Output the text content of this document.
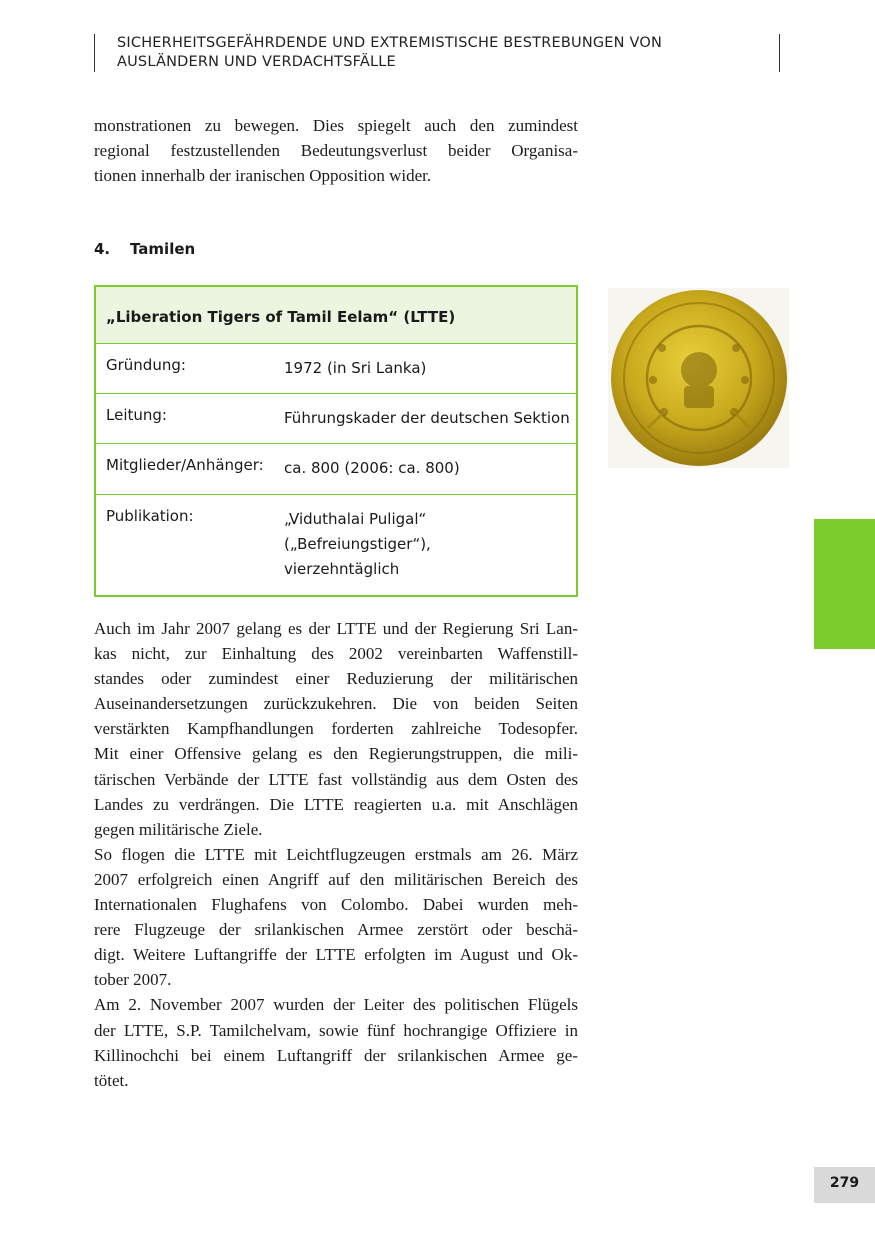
SICHERHEITSGEFÄHRDENDE UND EXTREMISTISCHE BESTREBUNGEN VON
AUSLÄNDERN UND VERDACHTSFÄLLE

monstrationen zu bewegen. Dies spiegelt auch den zumindest

regional festzustellenden Bedeutungsverlust beider Organisa-

tionen innerhalb der iranischen Opposition wider.

4. Tamilen
„Liberation Tigers of Tamil Eelam“ (LTTE)
Gründung:	1972 (in Sri Lanka)
Leitung:	Führungskader der deutschen Sektion
Mitglieder/Anhänger: ca. 800 (2006: ca. 800)
Publikation:	„Viduthalai Puligal“
(„Befreiungstiger“),
vierzehntäglich

Auch im Jahr 2007 gelang es der LTTE und der Regierung Sri Lan-

kas nicht, zur Einhaltung des 2002 vereinbarten Waffenstill-

standes oder zumindest einer Reduzierung der militärischen

Auseinandersetzungen zurückzukehren. Die von beiden Seiten

verstärkten Kampfhandlungen forderten zahlreiche Todesopfer.

Mit einer Offensive gelang es den Regierungstruppen, die mili-

tärischen Verbände der LTTE fast vollständig aus dem Osten des

Landes zu verdrängen. Die LTTE reagierten u.a. mit Anschlägen

gegen militärische Ziele.

So flogen die LTTE mit Leichtflugzeugen erstmals am 26. März

2007 erfolgreich einen Angriff auf den militärischen Bereich des

Internationalen Flughafens von Colombo. Dabei wurden meh-

rere Flugzeuge der srilankischen Armee zerstört oder beschä-

digt. Weitere Luftangriffe der LTTE erfolgten im August und Ok-

tober 2007.

Am 2. November 2007 wurden der Leiter des politischen Flügels

der LTTE, S.P. Tamilchelvam, sowie fünf hochrangige Offiziere in

Killinochchi bei einem Luftangriff der srilankischen Armee ge-

tötet.

279
